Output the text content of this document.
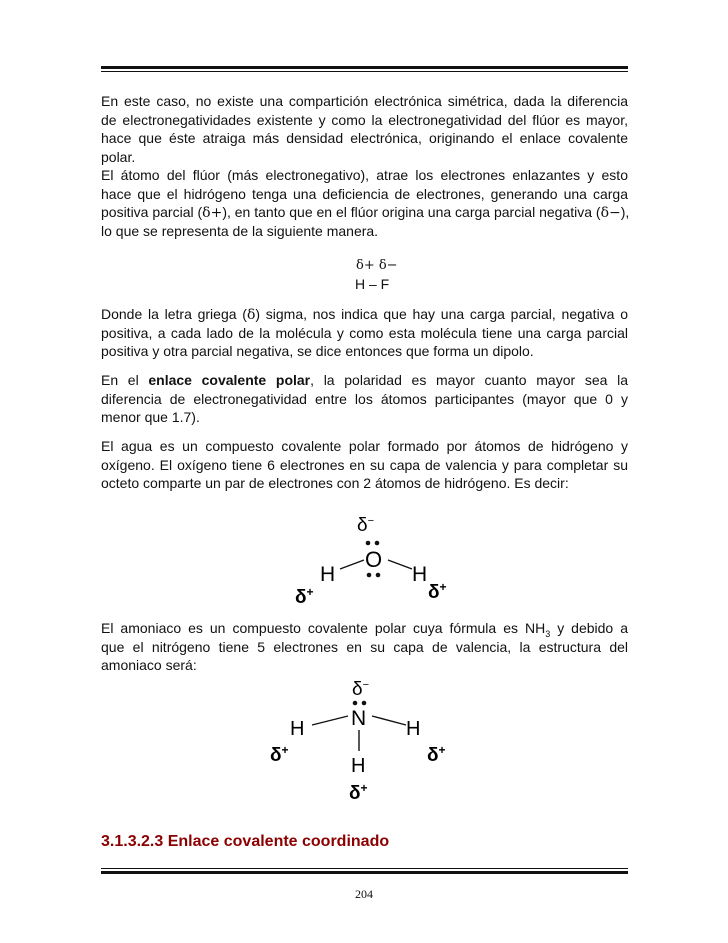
En este caso, no existe una compartición electrónica simétrica, dada la diferencia
de electronegatividades existente y como la electronegatividad del flúor es mayor,
hace que éste atraiga más densidad electrónica, originando el enlace covalente
polar.
El átomo del flúor (más electronegativo), atrae los electrones enlazantes y esto
hace que el hidrógeno tenga una deficiencia de electrones, generando una carga
positiva parcial (δ+), en tanto que en el flúor origina una carga parcial negativa (δ−),
lo que se representa de la siguiente manera.
δ+ δ−
H – F
Donde la letra griega (δ) sigma, nos indica que hay una carga parcial, negativa o
positiva, a cada lado de la molécula y como esta molécula tiene una carga parcial
positiva y otra parcial negativa, se dice entonces que forma un dipolo.
En el enlace covalente polar, la polaridad es mayor cuanto mayor sea la
diferencia de electronegatividad entre los átomos participantes (mayor que 0 y
menor que 1.7).
El agua es un compuesto covalente polar formado por átomos de hidrógeno y
oxígeno. El oxígeno tiene 6 electrones en su capa de valencia y para completar su
octeto comparte un par de electrones con 2 átomos de hidrógeno. Es decir:
δ−
O
H	H
δ+	δ+
El amoniaco es un compuesto covalente polar cuya fórmula es $NH_3$ y debido a
que el nitrógeno tiene 5 electrones en su capa de valencia, la estructura del
amoniaco será:
δ−
N
H	H
H
δ+	δ+
δ+
3.1.3.2.3 Enlace covalente coordinado
204
